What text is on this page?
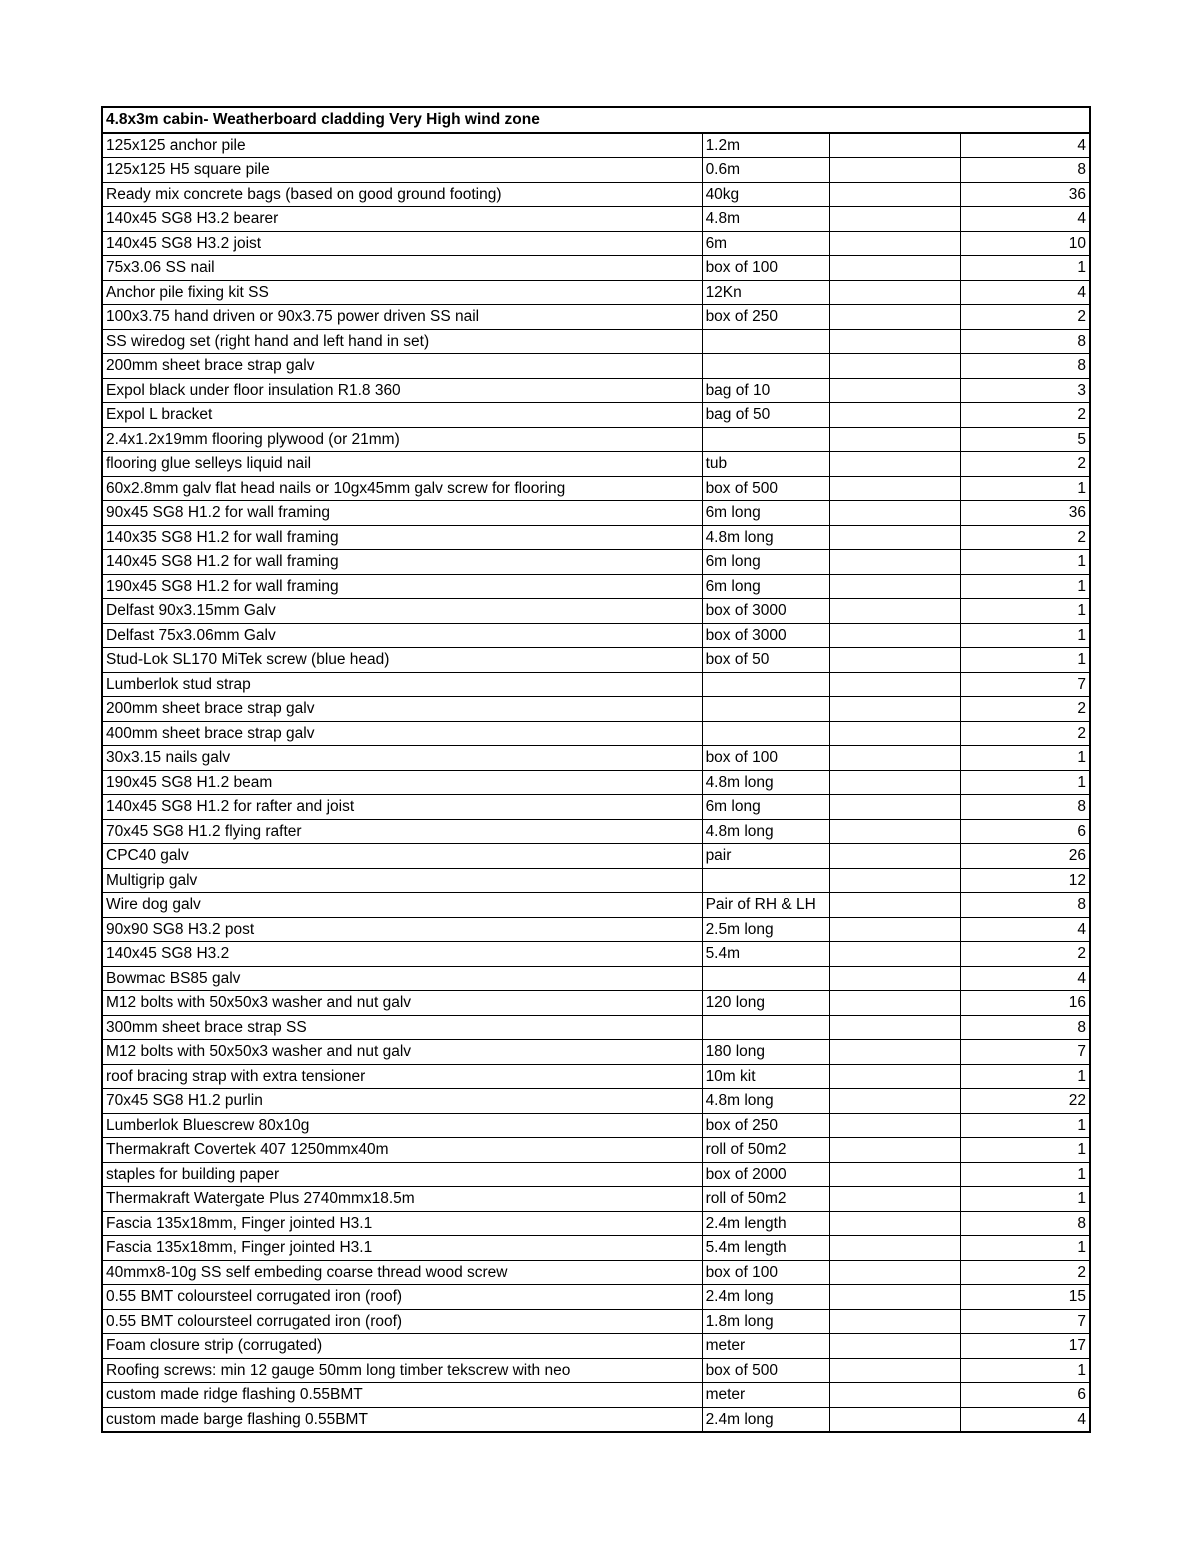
4.8x3m cabin- Weatherboard cladding Very High wind zone			
125x125 anchor pile	1.2m		4
125x125 H5 square pile	0.6m		8
Ready mix concrete bags (based on good ground footing)	40kg		36
140x45 SG8 H3.2 bearer	4.8m		4
140x45 SG8 H3.2 joist	6m		10
75x3.06 SS nail	box of 100		1
Anchor pile fixing kit SS	12Kn		4
100x3.75 hand driven or 90x3.75 power driven SS nail	box of 250		2
SS wiredog set (right hand and left hand in set)			8
200mm sheet brace strap galv			8
Expol black under floor insulation R1.8 360	bag of 10		3
Expol L bracket	bag of 50		2
2.4x1.2x19mm flooring plywood (or 21mm)			5
flooring glue selleys liquid nail	tub		2
60x2.8mm galv flat head nails or 10gx45mm galv screw for flooring	box of 500		1
90x45 SG8 H1.2 for wall framing	6m long		36
140x35 SG8 H1.2 for wall framing	4.8m long		2
140x45 SG8 H1.2 for wall framing	6m long		1
190x45 SG8 H1.2 for wall framing	6m long		1
Delfast 90x3.15mm Galv	box of 3000		1
Delfast 75x3.06mm Galv	box of 3000		1
Stud-Lok SL170 MiTek screw (blue head)	box of 50		1
Lumberlok stud strap			7
200mm sheet brace strap galv			2
400mm sheet brace strap galv			2
30x3.15 nails galv	box of 100		1
190x45 SG8 H1.2 beam	4.8m long		1
140x45 SG8 H1.2 for rafter and joist	6m long		8
70x45 SG8 H1.2 flying rafter	4.8m long		6
CPC40 galv	pair		26
Multigrip galv			12
Wire dog galv	Pair of RH & LH		8
90x90 SG8 H3.2 post	2.5m long		4
140x45 SG8 H3.2	5.4m		2
Bowmac BS85 galv			4
M12 bolts with 50x50x3 washer and nut galv	120 long		16
300mm sheet brace strap SS			8
M12 bolts with 50x50x3 washer and nut galv	180 long		7
roof bracing strap with extra tensioner	10m kit		1
70x45 SG8 H1.2 purlin	4.8m long		22
Lumberlok Bluescrew 80x10g	box of 250		1
Thermakraft Covertek 407 1250mmx40m	roll of 50m2		1
staples for building paper	box of 2000		1
Thermakraft Watergate Plus 2740mmx18.5m	roll of 50m2		1
Fascia 135x18mm, Finger jointed H3.1	2.4m length		8
Fascia 135x18mm, Finger jointed H3.1	5.4m length		1
40mmx8-10g SS self embeding coarse thread wood screw	box of 100		2
0.55 BMT coloursteel corrugated iron (roof)	2.4m long		15
0.55 BMT coloursteel corrugated iron (roof)	1.8m long		7
Foam closure strip (corrugated)	meter		17
Roofing screws: min 12 gauge 50mm long timber tekscrew with neo	box of 500		1
custom made ridge flashing 0.55BMT	meter		6
custom made barge flashing 0.55BMT	2.4m long		4
